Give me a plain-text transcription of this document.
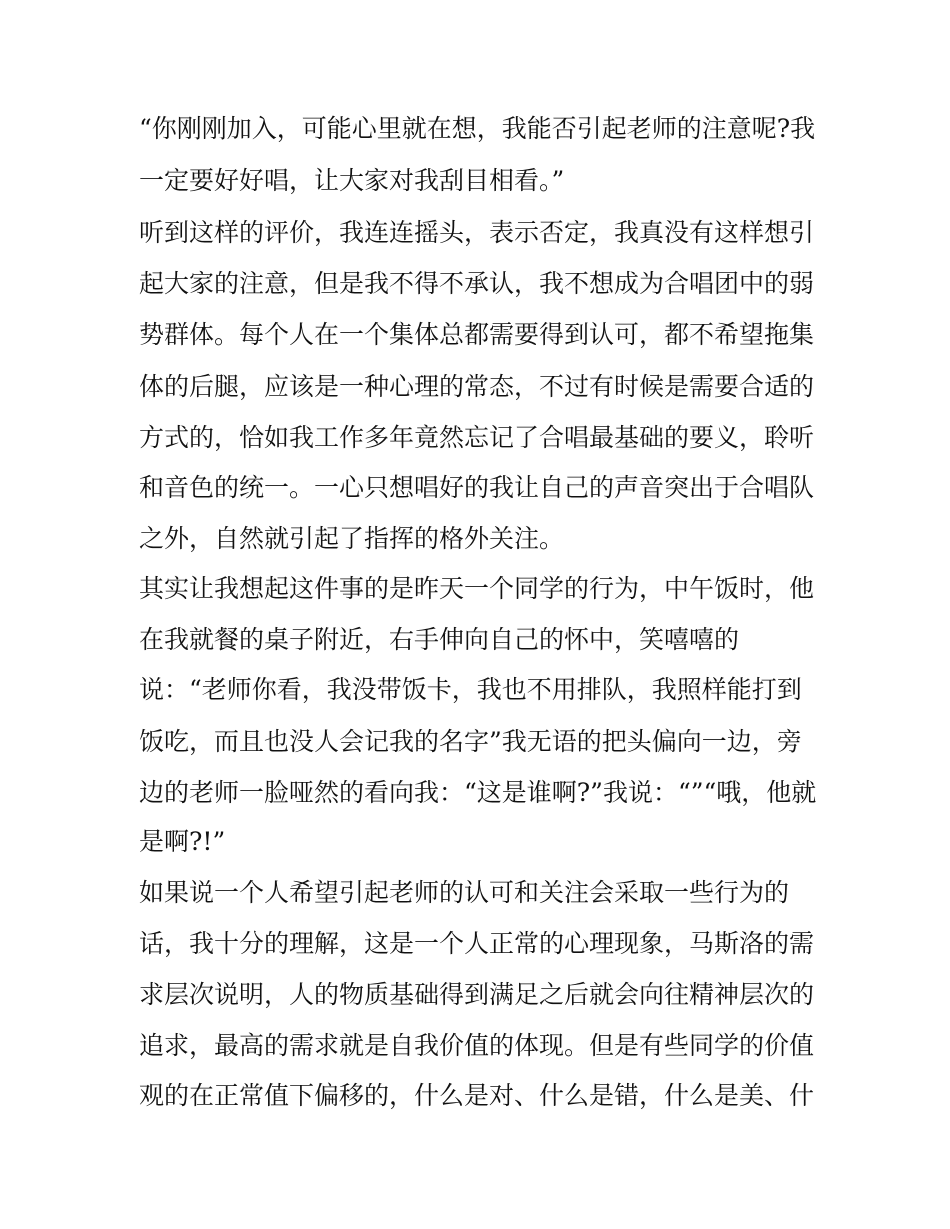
“你刚刚加入，可能心里就在想，我能否引起老师的注意呢?我
一定要好好唱，让大家对我刮目相看。”
听到这样的评价，我连连摇头，表示否定，我真没有这样想引
起大家的注意，但是我不得不承认，我不想成为合唱团中的弱
势群体。每个人在一个集体总都需要得到认可，都不希望拖集
体的后腿，应该是一种心理的常态，不过有时候是需要合适的
方式的，恰如我工作多年竟然忘记了合唱最基础的要义，聆听
和音色的统一。一心只想唱好的我让自己的声音突出于合唱队
之外，自然就引起了指挥的格外关注。
其实让我想起这件事的是昨天一个同学的行为，中午饭时，他
在我就餐的桌子附近，右手伸向自己的怀中，笑嘻嘻的
说：“老师你看，我没带饭卡，我也不用排队，我照样能打到
饭吃，而且也没人会记我的名字”我无语的把头偏向一边，旁
边的老师一脸哑然的看向我：“这是谁啊?”我说：“”“哦，他就
是啊?!”
如果说一个人希望引起老师的认可和关注会采取一些行为的
话，我十分的理解，这是一个人正常的心理现象，马斯洛的需
求层次说明，人的物质基础得到满足之后就会向往精神层次的
追求，最高的需求就是自我价值的体现。但是有些同学的价值
观的在正常值下偏移的，什么是对、什么是错，什么是美、什
